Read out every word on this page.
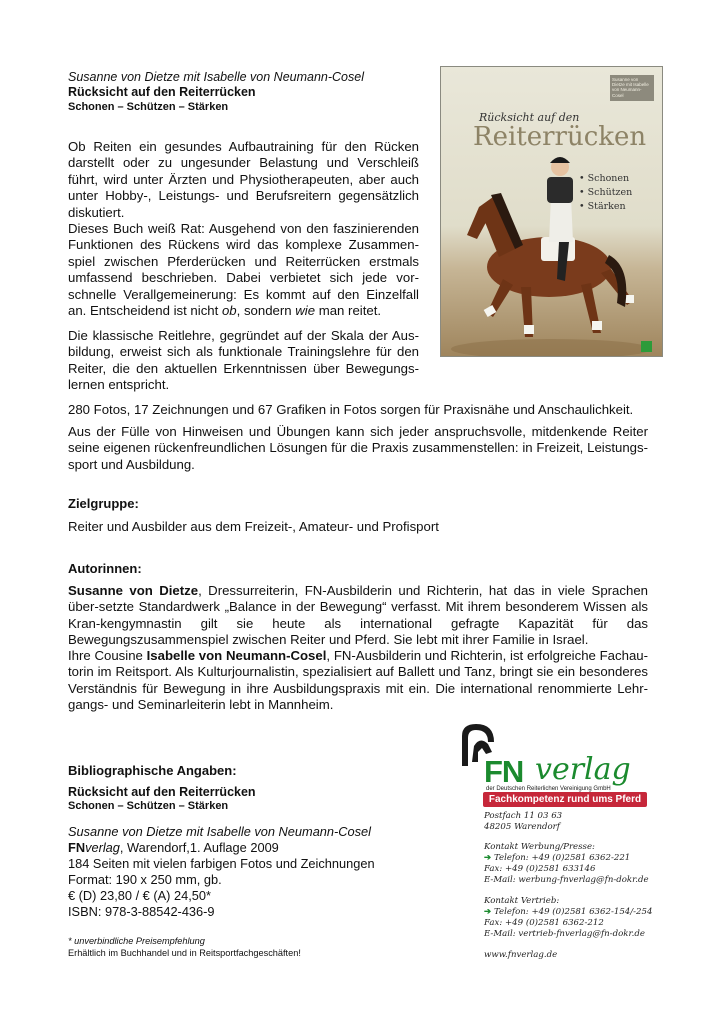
Susanne von Dietze mit Isabelle von Neumann-Cosel
Rücksicht auf den Reiterrücken
Schonen – Schützen – Stärken
Ob Reiten ein gesundes Aufbautraining für den Rücken darstellt oder zu ungesunder Belastung und Verschleiß führt, wird unter Ärzten und Physiotherapeuten, aber auch unter Hobby-, Leistungs- und Berufsreitern gegensätzlich diskutiert.
Dieses Buch weiß Rat: Ausgehend von den faszinierenden Funktionen des Rückens wird das komplexe Zusammen-spiel zwischen Pferderücken und Reiterrücken erstmals umfassend beschrieben. Dabei verbietet sich jede vor-schnelle Verallgemeinerung: Es kommt auf den Einzelfall an. Entscheidend ist nicht ob, sondern wie man reitet.
Die klassische Reitlehre, gegründet auf der Skala der Aus-bildung, erweist sich als funktionale Trainingslehre für den Reiter, die den aktuellen Erkenntnissen über Bewegungs-lernen entspricht.
280 Fotos, 17 Zeichnungen und 67 Grafiken in Fotos sorgen für Praxisnähe und Anschaulichkeit.
Aus der Fülle von Hinweisen und Übungen kann sich jeder anspruchsvolle, mitdenkende Reiter seine eigenen rückenfreundlichen Lösungen für die Praxis zusammenstellen: in Freizeit, Leistungs-sport und Ausbildung.
Zielgruppe:
Reiter und Ausbilder aus dem Freizeit-, Amateur- und Profisport
Autorinnen:
Susanne von Dietze, Dressurreiterin, FN-Ausbilderin und Richterin, hat das in viele Sprachen über-setzte Standardwerk „Balance in der Bewegung“ verfasst. Mit ihrem besonderem Wissen als Kran-kengymnastin gilt sie heute als international gefragte Kapazität für das Bewegungszusammenspiel zwischen Reiter und Pferd. Sie lebt mit ihrer Familie in Israel.
Ihre Cousine Isabelle von Neumann-Cosel, FN-Ausbilderin und Richterin, ist erfolgreiche Fachau-torin im Reitsport. Als Kulturjournalistin, spezialisiert auf Ballett und Tanz, bringt sie ein besonderes Verständnis für Bewegung in ihre Ausbildungspraxis mit ein. Die international renommierte Lehr-gangs- und Seminarleiterin lebt in Mannheim.
Bibliographische Angaben:
Rücksicht auf den Reiterrücken
Schonen – Schützen – Stärken
Susanne von Dietze mit Isabelle von Neumann-Cosel
FNverlag, Warendorf,1. Auflage 2009
184 Seiten mit vielen farbigen Fotos und Zeichnungen
Format: 190 x 250 mm, gb.
€ (D) 23,80 / € (A) 24,50*
ISBN: 978-3-88542-436-9
* unverbindliche Preisempfehlung
Erhältlich im Buchhandel und in Reitsportfachgeschäften!
Susanne von Dietze mit Isabelle von Neumann-Cosel
Rücksicht auf den
Reiterrücken
• Schonen
• Schützen
• Stärken
FN verlag
der Deutschen Reiterlichen Vereinigung GmbH
Fachkompetenz rund ums Pferd
Postfach 11 03 63
48205 Warendorf
Kontakt Werbung/Presse:
➔ Telefon: +49 (0)2581 6362-221
Fax: +49 (0)2581 633146
E-Mail: werbung-fnverlag@fn-dokr.de
Kontakt Vertrieb:
➔ Telefon: +49 (0)2581 6362-154/-254
Fax: +49 (0)2581 6362-212
E-Mail: vertrieb-fnverlag@fn-dokr.de
www.fnverlag.de
